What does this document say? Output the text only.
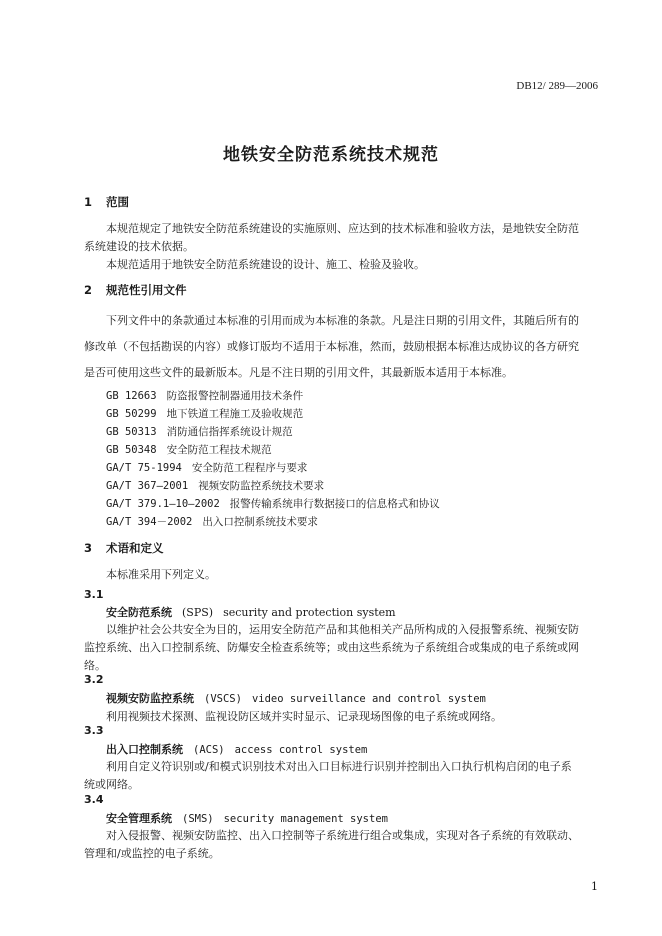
DB12/ 289—2006
地铁安全防范系统技术规范
1 范围
本规范规定了地铁安全防范系统建设的实施原则、应达到的技术标准和验收方法，是地铁安全防范
系统建设的技术依据。
本规范适用于地铁安全防范系统建设的设计、施工、检验及验收。
2 规范性引用文件
下列文件中的条款通过本标准的引用而成为本标准的条款。凡是注日期的引用文件，其随后所有的
修改单（不包括勘误的内容）或修订版均不适用于本标准，然而，鼓励根据本标准达成协议的各方研究
是否可使用这些文件的最新版本。凡是不注日期的引用文件，其最新版本适用于本标准。
GB 12663 防盗报警控制器通用技术条件
GB 50299 地下铁道工程施工及验收规范
GB 50313 消防通信指挥系统设计规范
GB 50348 安全防范工程技术规范
GA/T 75-1994 安全防范工程程序与要求
GA/T 367—2001 视频安防监控系统技术要求
GA/T 379.1—10—2002 报警传输系统串行数据接口的信息格式和协议
GA/T 394－2002 出入口控制系统技术要求
3 术语和定义
本标准采用下列定义。
3.1
安全防范系统 (SPS) security and protection system
以维护社会公共安全为目的，运用安全防范产品和其他相关产品所构成的入侵报警系统、视频安防
监控系统、出入口控制系统、防爆安全检查系统等；或由这些系统为子系统组合或集成的电子系统或网
络。
3.2
视频安防监控系统 (VSCS) video surveillance and control system
利用视频技术探测、监视设防区域并实时显示、记录现场图像的电子系统或网络。
3.3
出入口控制系统 (ACS) access control system
利用自定义符识别或/和模式识别技术对出入口目标进行识别并控制出入口执行机构启闭的电子系
统或网络。
3.4
安全管理系统 (SMS) security management system
对入侵报警、视频安防监控、出入口控制等子系统进行组合或集成，实现对各子系统的有效联动、
管理和/或监控的电子系统。
1
